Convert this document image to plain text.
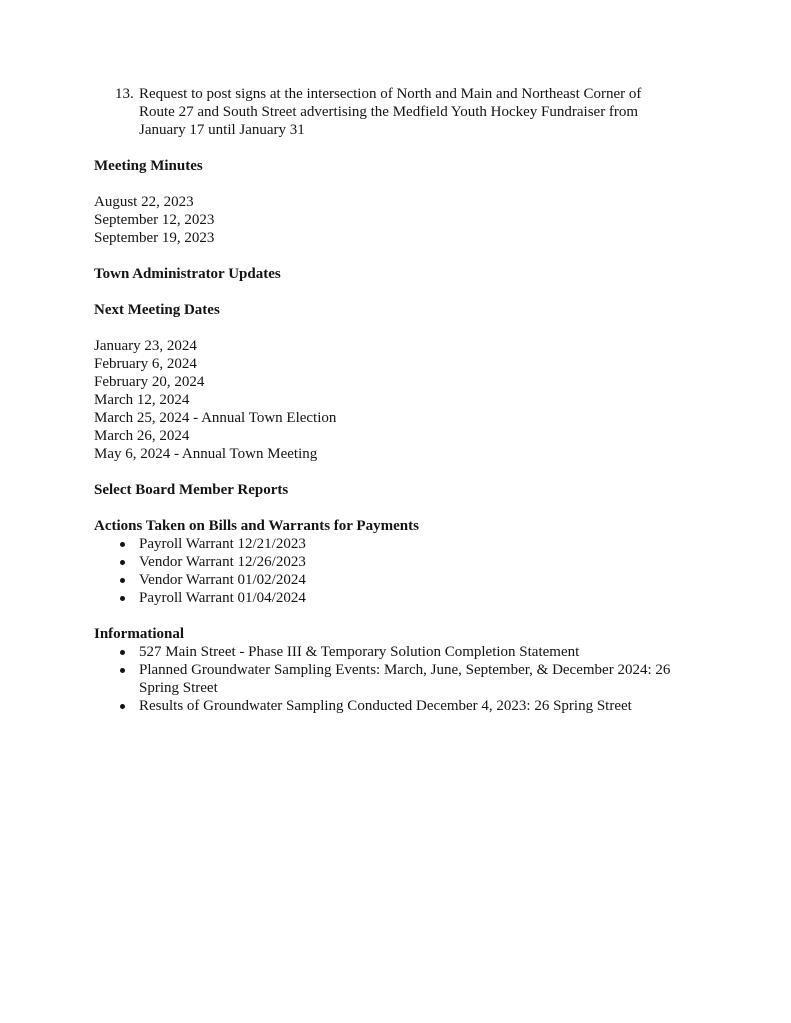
13. Request to post signs at the intersection of North and Main and Northeast Corner of
Route 27 and South Street advertising the Medfield Youth Hockey Fundraiser from
January 17 until January 31
Meeting Minutes
August 22, 2023
September 12, 2023
September 19, 2023
Town Administrator Updates
Next Meeting Dates
January 23, 2024
February 6, 2024
February 20, 2024
March 12, 2024
March 25, 2024 - Annual Town Election
March 26, 2024
May 6, 2024 - Annual Town Meeting
Select Board Member Reports
Actions Taken on Bills and Warrants for Payments
Payroll Warrant 12/21/2023
Vendor Warrant 12/26/2023
Vendor Warrant 01/02/2024
Payroll Warrant 01/04/2024
Informational
527 Main Street - Phase III & Temporary Solution Completion Statement
Planned Groundwater Sampling Events: March, June, September, & December 2024: 26
Spring Street
Results of Groundwater Sampling Conducted December 4, 2023: 26 Spring Street
